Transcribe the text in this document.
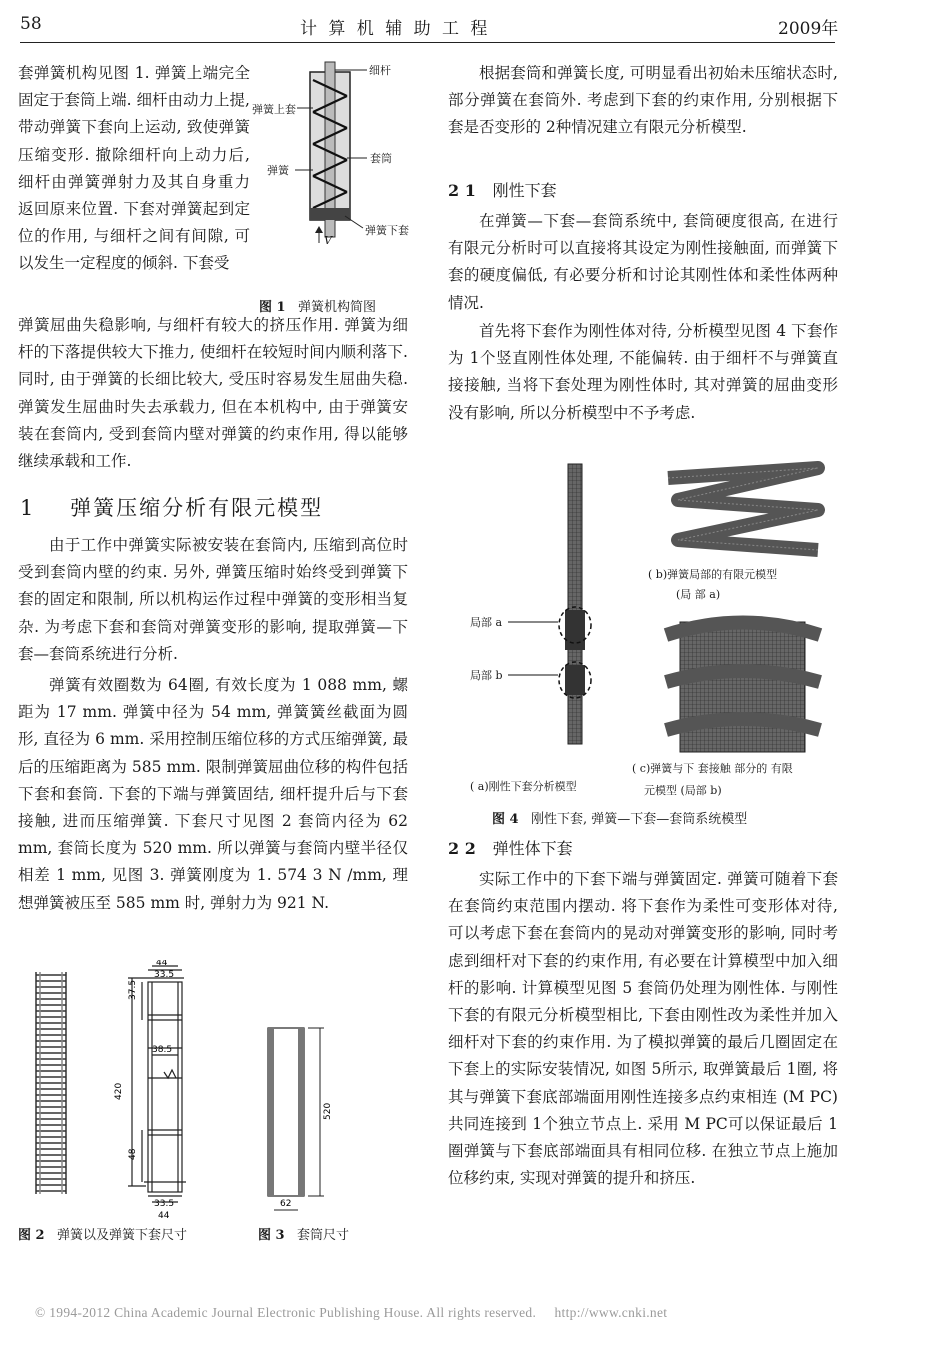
58	计 算 机 辅 助 工 程	2009年

套弹簧机构见图 1. 弹簧上端完全固定于套筒上端. 细杆由动力上提, 带动弹簧下套向上运动, 致使弹簧压缩变形. 撤除细杆向上动力后, 细杆由弹簧弹射力及其自身重力返回原来位置. 下套对弹簧起到定位的作用, 与细杆之间有间隙, 可以发生一定程度的倾斜. 下套受

弹簧屈曲失稳影响, 与细杆有较大的挤压作用. 弹簧为细杆的下落提供较大下推力, 使细杆在较短时间内顺利落下. 同时, 由于弹簧的长细比较大, 受压时容易发生屈曲失稳. 弹簧发生屈曲时失去承载力, 但在本机构中, 由于弹簧安装在套筒内, 受到套筒内壁对弹簧的约束作用, 得以能够继续承载和工作.

细杆
弹簧上套
套筒
弹簧
弹簧下套
V
图 1 弹簧机构简图
1 弹簧压缩分析有限元模型

由于工作中弹簧实际被安装在套筒内, 压缩到高位时受到套筒内壁的约束. 另外, 弹簧压缩时始终受到弹簧下套的固定和限制, 所以机构运作过程中弹簧的变形相当复杂. 为考虑下套和套筒对弹簧变形的影响, 提取弹簧—下套—套筒系统进行分析.

弹簧有效圈数为 64圈, 有效长度为 1 088 mm, 螺距为 17 mm. 弹簧中径为 54 mm, 弹簧簧丝截面为圆形, 直径为 6 mm. 采用控制压缩位移的方式压缩弹簧, 最后的压缩距离为 585 mm. 限制弹簧屈曲位移的构件包括下套和套筒. 下套的下端与弹簧固结, 细杆提升后与下套接触, 进而压缩弹簧. 下套尺寸见图 2 套筒内径为 62 mm, 套筒长度为 520 mm. 所以弹簧与套筒内壁半径仅相差 1 mm, 见图 3. 弹簧刚度为 1. 574 3 N /mm, 理想弹簧被压至 585 mm 时, 弹射力为 921 N.

44
33.5
37.5
38.5
420
48
33.5
44
图 2 弹簧以及弹簧下套尺寸
520
62
图 3 套筒尺寸

根据套筒和弹簧长度, 可明显看出初始未压缩状态时, 部分弹簧在套筒外. 考虑到下套的约束作用, 分别根据下套是否变形的 2种情况建立有限元分析模型.

2 1 刚性下套

在弹簧—下套—套筒系统中, 套筒硬度很高, 在进行有限元分析时可以直接将其设定为刚性接触面, 而弹簧下套的硬度偏低, 有必要分析和讨论其刚性体和柔性体两种情况.

首先将下套作为刚性体对待, 分析模型见图 4 下套作为 1个竖直刚性体处理, 不能偏转. 由于细杆不与弹簧直接接触, 当将下套处理为刚性体时, 其对弹簧的屈曲变形没有影响, 所以分析模型中不予考虑.

局部 a
局部 b
( b)弹簧局部的有限元模型
(局 部 a)
( c)弹簧与下 套接触 部分的 有限
元模型 (局部 b)
( a)刚性下套分析模型
图 4 刚性下套, 弹簧—下套—套筒系统模型
2 2 弹性体下套

实际工作中的下套下端与弹簧固定. 弹簧可随着下套在套筒约束范围内摆动. 将下套作为柔性可变形体对待, 可以考虑下套在套筒内的晃动对弹簧变形的影响, 同时考虑到细杆对下套的约束作用, 有必要在计算模型中加入细杆的影响. 计算模型见图 5 套筒仍处理为刚性体. 与刚性下套的有限元分析模型相比, 下套由刚性改为柔性并加入细杆对下套的约束作用. 为了模拟弹簧的最后几圈固定在下套上的实际安装情况, 如图 5所示, 取弹簧最后 1圈, 将其与弹簧下套底部端面用刚性连接多点约束相连 (M PC)共同连接到 1个独立节点上. 采用 M PC可以保证最后 1圈弹簧与下套底部端面具有相同位移. 在独立节点上施加位移约束, 实现对弹簧的提升和挤压.

© 1994-2012 China Academic Journal Electronic Publishing House. All rights reserved. http://www.cnki.net
